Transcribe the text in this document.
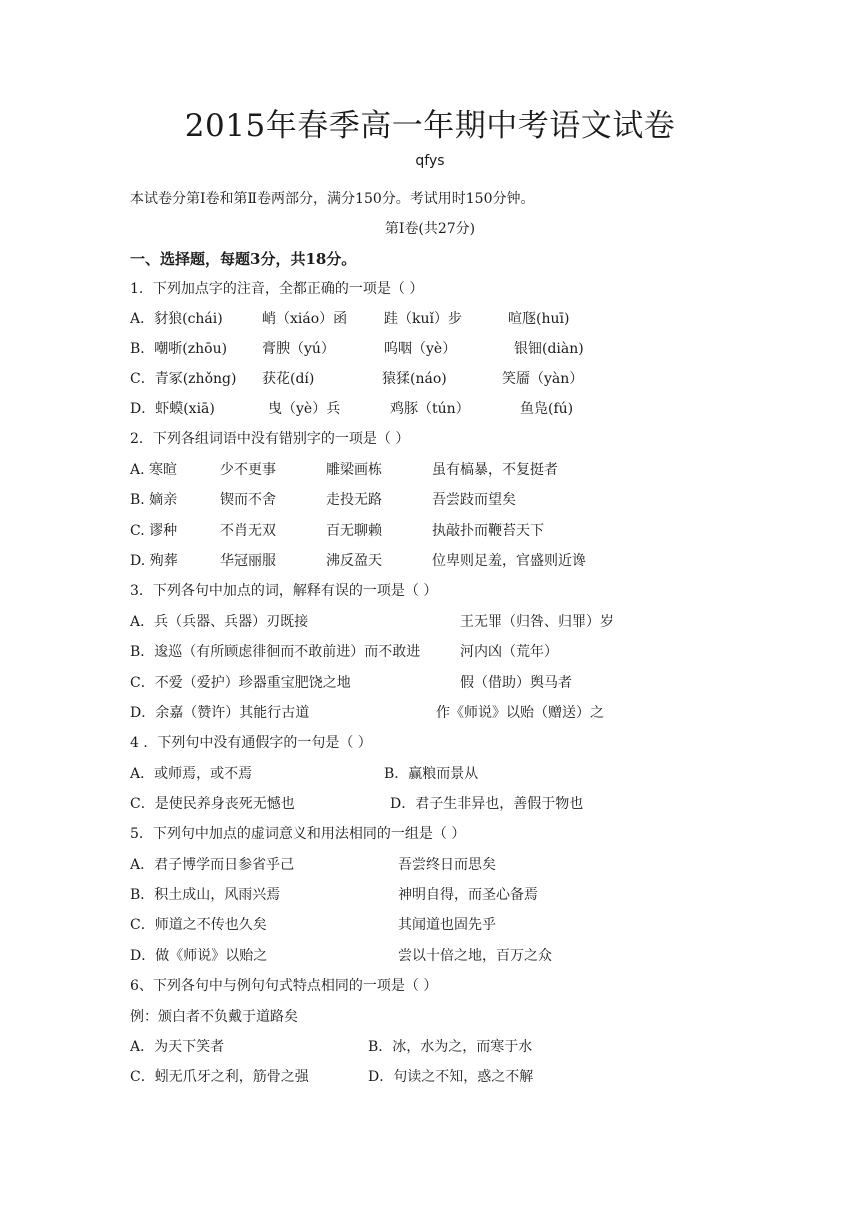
2015年春季高一年期中考语文试卷
qfys
本试卷分第Ⅰ卷和第Ⅱ卷两部分，满分150分。考试用时150分钟。
第Ⅰ卷(共27分)
一、选择题，每题3分，共18分。
1．下列加点字的注音，全都正确的一项是（ ）
A．豺狼(chái)	峭（xiáo）函	跬（kuǐ）步	喧豗(huī)
B．嘲哳(zhōu) 膏腴（yú）	呜咽（yè）	银钿(diàn)
C．青冢(zhǒng) 获花(dí)	猿猱(náo)	笑靥（yàn）
D．虾蟆(xiā)	曳（yè）兵	鸡豚（tún）	鱼凫(fú)
2．下列各组词语中没有错别字的一项是（ ）
A. 寒暄	少不更事	雕梁画栋	虽有槁暴，不复挺者
B. 嫡亲	锲而不舍	走投无路	吾尝跂而望矣
C. 谬种	不肖无双	百无聊赖	执敲扑而鞭苔天下
D. 殉葬	华冠丽服	沸反盈天	位卑则足羞，官盛则近谗
3．下列各句中加点的词，解释有误的一项是（ ）
A．兵（兵器、兵器）刃既接	王无罪（归咎、归罪）岁
B．逡巡（有所顾虑徘徊而不敢前进）而不敢进	河内凶（荒年）
C．不爱（爱护）珍器重宝肥饶之地	假（借助）舆马者
D．余嘉（赞许）其能行古道	作《师说》以贻（赠送）之
4 ．下列句中没有通假字的一句是（ ）
A．或师焉，或不焉	B．赢粮而景从
C．是使民养身丧死无憾也	D．君子生非异也，善假于物也
5．下列句中加点的虚词意义和用法相同的一组是（ ）
A．君子博学而日参省乎己	吾尝终日而思矣
B．积土成山，风雨兴焉	神明自得，而圣心备焉
C．师道之不传也久矣	其闻道也固先乎
D．做《师说》以贻之	尝以十倍之地，百万之众
6、下列各句中与例句句式特点相同的一项是（ ）
例：颁白者不负戴于道路矣
A．为天下笑者	B．冰，水为之，而寒于水
C．蚓无爪牙之利，筋骨之强	D．句读之不知，惑之不解
